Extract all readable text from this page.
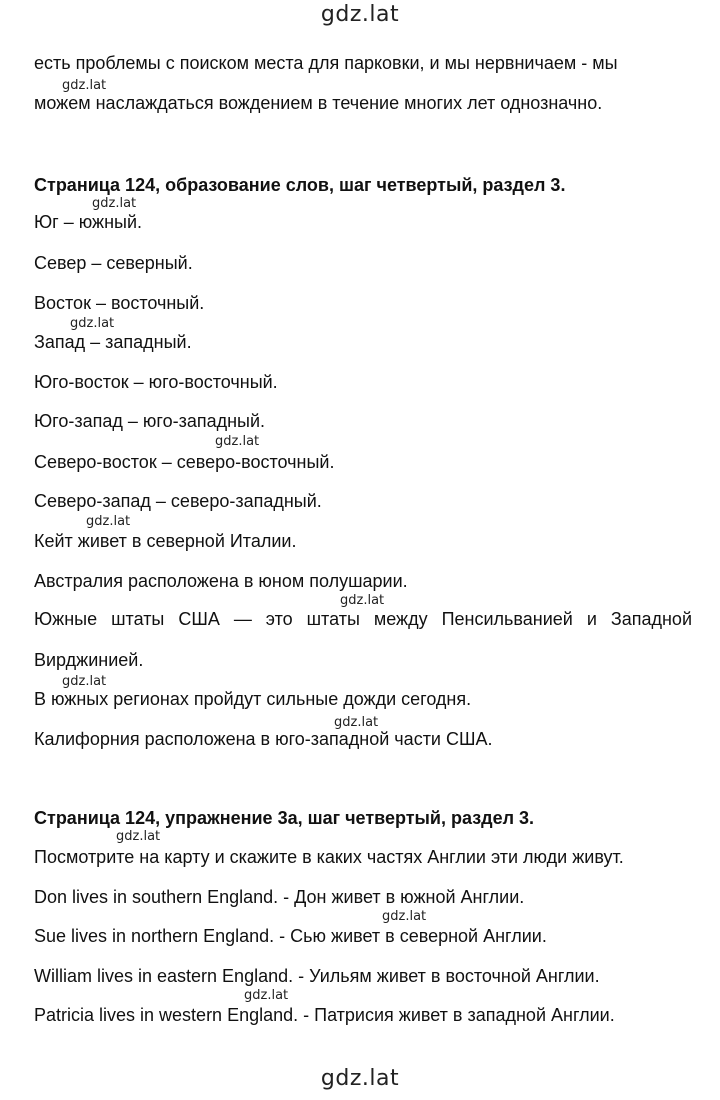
gdz.lat
есть проблемы с поиском места для парковки, и мы нервничаем - мы
gdz.lat
можем наслаждаться вождением в течение многих лет однозначно.
Страница 124, образование слов, шаг четвертый, раздел 3.
gdz.lat
Юг – южный.
Север – северный.
Восток – восточный.
gdz.lat
Запад – западный.
Юго-восток – юго-восточный.
Юго-запад – юго-западный.
gdz.lat
Северо-восток – северо-восточный.
Северо-запад – северо-западный.
gdz.lat
Кейт живет в северной Италии.
Австралия расположена в юном полушарии.
gdz.lat
Южные штаты США — это штаты между Пенсильванией и Западной
Вирджинией.
gdz.lat
В южных регионах пройдут сильные дожди сегодня.
gdz.lat
Калифорния расположена в юго-западной части США.
Страница 124, упражнение 3a, шаг четвертый, раздел 3.
gdz.lat
Посмотрите на карту и скажите в каких частях Англии эти люди живут.
Don lives in southern England. - Дон живет в южной Англии.
gdz.lat
Sue lives in northern England. - Сью живет в северной Англии.
William lives in eastern England. - Уильям живет в восточной Англии.
gdz.lat
Patricia lives in western England. - Патрисия живет в западной Англии.
gdz.lat
